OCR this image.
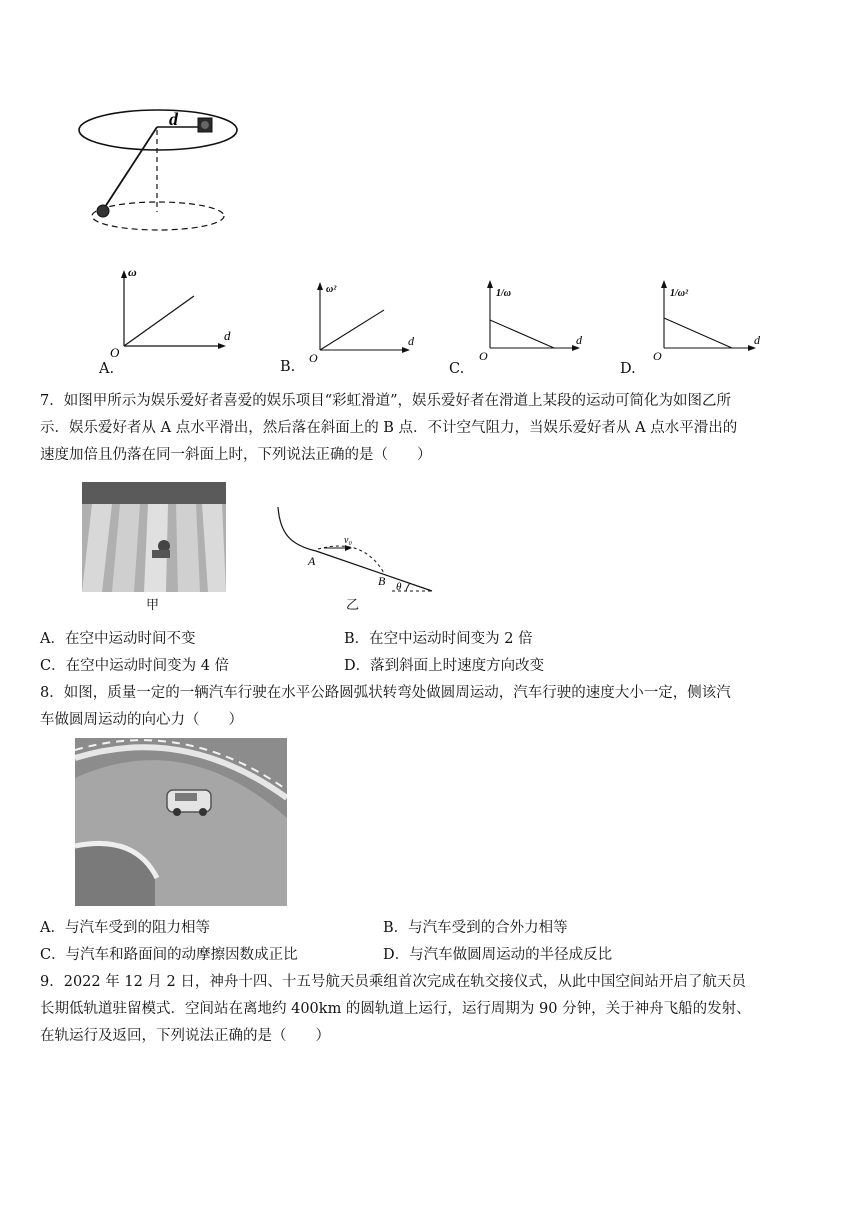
d
A.
ω
d
O
B.
ω²
d
O
C.
1/ω
d
O
D.
1/ω²
d
O
7．如图甲所示为娱乐爱好者喜爱的娱乐项目“彩虹滑道”，娱乐爱好者在滑道上某段的运动可简化为如图乙所
示．娱乐爱好者从 A 点水平滑出，然后落在斜面上的 B 点．不计空气阻力，当娱乐爱好者从 A 点水平滑出的
速度加倍且仍落在同一斜面上时，下列说法正确的是（　　）
甲
A
B
v₀
θ
乙
A．在空中运动时间不变	B．在空中运动时间变为 2 倍
C．在空中运动时间变为 4 倍	D．落到斜面上时速度方向改变
8．如图，质量一定的一辆汽车行驶在水平公路圆弧状转弯处做圆周运动，汽车行驶的速度大小一定，侧该汽
车做圆周运动的向心力（　　）
A．与汽车受到的阻力相等	B．与汽车受到的合外力相等
C．与汽车和路面间的动摩擦因数成正比	D．与汽车做圆周运动的半径成反比
9．2022 年 12 月 2 日，神舟十四、十五号航天员乘组首次完成在轨交接仪式，从此中国空间站开启了航天员
长期低轨道驻留模式．空间站在离地约 400km 的圆轨道上运行，运行周期为 90 分钟，关于神舟飞船的发射、
在轨运行及返回，下列说法正确的是（　　）
